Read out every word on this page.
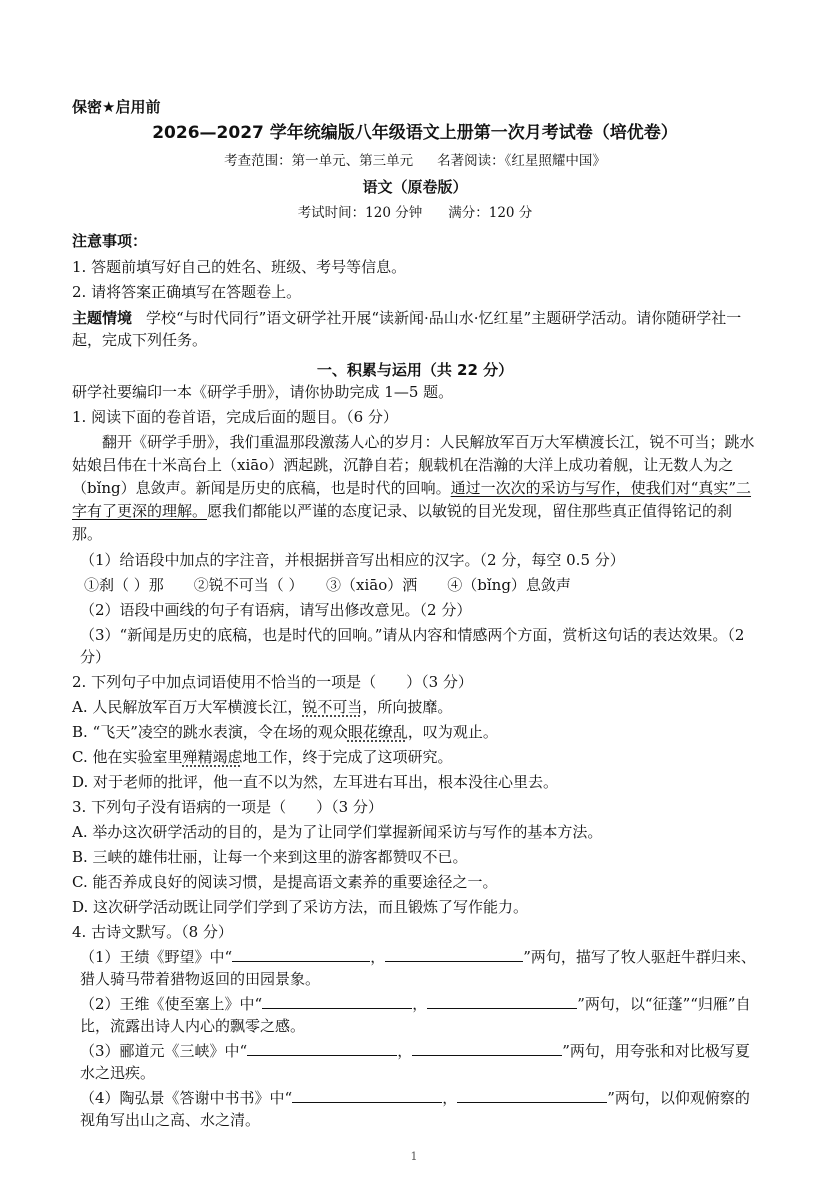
保密★启用前

2026—2027 学年统编版八年级语文上册第一次月考试卷（培优卷）

考查范围：第一单元、第三单元 名著阅读：《红星照耀中国》

语文（原卷版）

考试时间：120 分钟 满分：120 分

注意事项：

1. 答题前填写好自己的姓名、班级、考号等信息。

2. 请将答案正确填写在答题卷上。

主题情境 学校“与时代同行”语文研学社开展“读新闻·品山水·忆红星”主题研学活动。请你随研学社一起，完成下列任务。

一、积累与运用（共 22 分）

研学社要编印一本《研学手册》，请你协助完成 1—5 题。

1. 阅读下面的卷首语，完成后面的题目。（6 分）

翻开《研学手册》，我们重温那段激荡人心的岁月：人民解放军百万大军横渡长江，锐不可当；跳水姑娘吕伟在十米高台上（xiāo）洒起跳，沉静自若；舰载机在浩瀚的大洋上成功着舰，让无数人为之（bǐng）息敛声。新闻是历史的底稿，也是时代的回响。通过一次次的采访与写作，使我们对“真实”二字有了更深的理解。愿我们都能以严谨的态度记录、以敏锐的目光发现，留住那些真正值得铭记的刹那。

（1）给语段中加点的字注音，并根据拼音写出相应的汉字。（2 分，每空 0.5 分）

①刹（ ）那　　②锐不可当（ ）　　③（xiāo）洒　　④（bǐng）息敛声

（2）语段中画线的句子有语病，请写出修改意见。（2 分）

（3）“新闻是历史的底稿，也是时代的回响。”请从内容和情感两个方面，赏析这句话的表达效果。（2 分）

2. 下列句子中加点词语使用不恰当的一项是（　　）（3 分）

A. 人民解放军百万大军横渡长江，锐不可当，所向披靡。

B. “飞天”凌空的跳水表演，令在场的观众眼花缭乱，叹为观止。

C. 他在实验室里殚精竭虑地工作，终于完成了这项研究。

D. 对于老师的批评，他一直不以为然，左耳进右耳出，根本没往心里去。

3. 下列句子没有语病的一项是（　　）（3 分）

A. 举办这次研学活动的目的，是为了让同学们掌握新闻采访与写作的基本方法。

B. 三峡的雄伟壮丽，让每一个来到这里的游客都赞叹不已。

C. 能否养成良好的阅读习惯，是提高语文素养的重要途径之一。

D. 这次研学活动既让同学们学到了采访方法，而且锻炼了写作能力。

4. 古诗文默写。（8 分）

（1）王绩《野望》中“	，	”两句，描写了牧人驱赶牛群归来、猎人骑马带着猎物返回的田园景象。

（2）王维《使至塞上》中“	，	”两句，以“征蓬”“归雁”自比，流露出诗人内心的飘零之感。

（3）郦道元《三峡》中“	，	”两句，用夸张和对比极写夏水之迅疾。

（4）陶弘景《答谢中书书》中“	，	”两句，以仰观俯察的视角写出山之高、水之清。

1
